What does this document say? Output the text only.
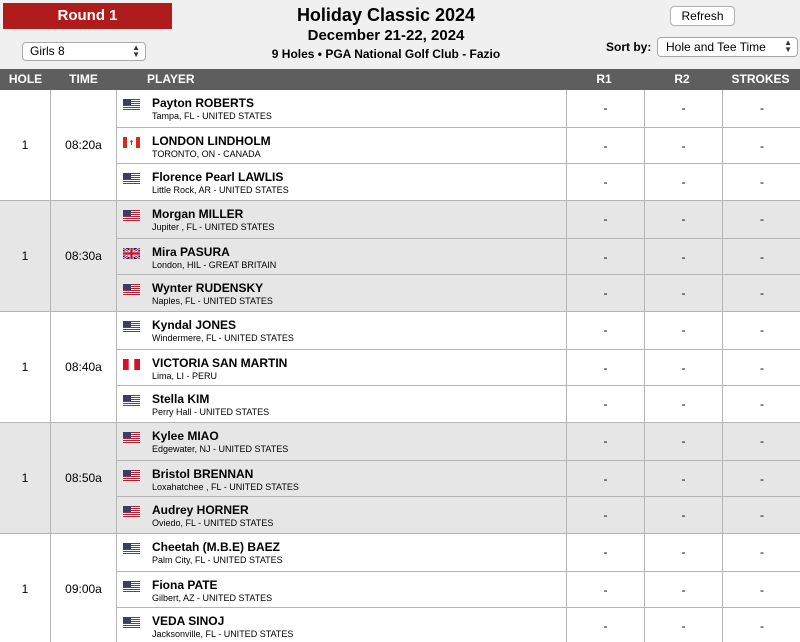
Round 1
Girls 8	▲
▼
Holiday Classic 2024
December 21-22, 2024
9 Holes • PGA National Golf Club - Fazio
Refresh
Sort by:	Hole and Tee Time ▲
▼
HOLE	TIME	PLAYER	R1	R2	STROKES
1	08:20a
Payton ROBERTS
Tampa, FL - UNITED STATES
-	-	-
LONDON LINDHOLM
TORONTO, ON - CANADA
-	-	-
Florence Pearl LAWLIS
Little Rock, AR - UNITED STATES
-	-	-
1	08:30a
Morgan MILLER
Jupiter , FL - UNITED STATES
-	-	-
Mira PASURA
London, HIL - GREAT BRITAIN
-	-	-
Wynter RUDENSKY
Naples, FL - UNITED STATES
-	-	-
1	08:40a
Kyndal JONES
Windermere, FL - UNITED STATES
-	-	-
VICTORIA SAN MARTIN
Lima, LI - PERU
-	-	-
Stella KIM
Perry Hall - UNITED STATES
-	-	-
1	08:50a
Kylee MIAO
Edgewater, NJ - UNITED STATES
-	-	-
Bristol BRENNAN
Loxahatchee , FL - UNITED STATES
-	-	-
Audrey HORNER
Oviedo, FL - UNITED STATES
-	-	-
1	09:00a
Cheetah (M.B.E) BAEZ
Palm City, FL - UNITED STATES
-	-	-
Fiona PATE
Gilbert, AZ - UNITED STATES
-	-	-
VEDA SINOJ
Jacksonville, FL - UNITED STATES
-	-	-
